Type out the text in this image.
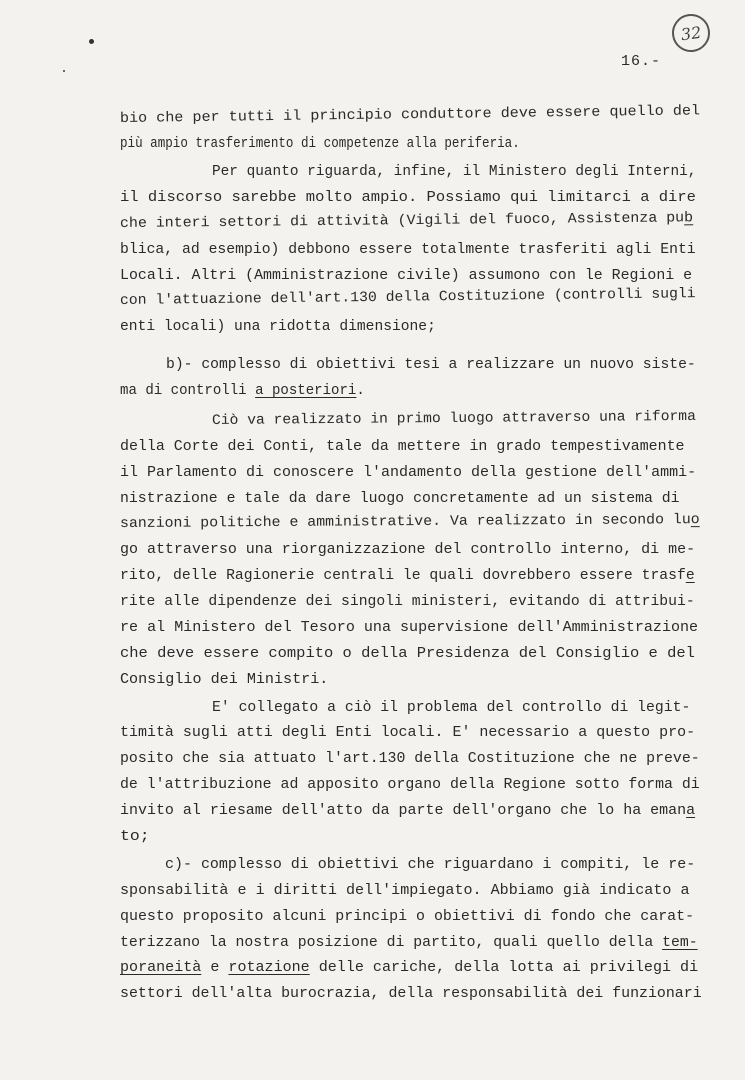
32
16.-
bio che per tutti il principio conduttore deve essere quello del
più ampio trasferimento di competenze alla periferia.
Per quanto riguarda, infine, il Ministero degli Interni,
il discorso sarebbe molto ampio. Possiamo qui limitarci a dire
che interi settori di attività (Vigili del fuoco, Assistenza pub
blica, ad esempio) debbono essere totalmente trasferiti agli Enti
Locali. Altri (Amministrazione civile) assumono con le Regioni e
con l'attuazione dell'art.130 della Costituzione (controlli sugli
enti locali) una ridotta dimensione;
b)- complesso di obiettivi tesi a realizzare un nuovo siste-
ma di controlli a posteriori.
Ciò va realizzato in primo luogo attraverso una riforma
della Corte dei Conti, tale da mettere in grado tempestivamente
il Parlamento di conoscere l'andamento della gestione dell'ammi-
nistrazione e tale da dare luogo concretamente ad un sistema di
sanzioni politiche e amministrative. Va realizzato in secondo luo
go attraverso una riorganizzazione del controllo interno, di me-
rito, delle Ragionerie centrali le quali dovrebbero essere trasfe
rite alle dipendenze dei singoli ministeri, evitando di attribui-
re al Ministero del Tesoro una supervisione dell'Amministrazione
che deve essere compito o della Presidenza del Consiglio e del
Consiglio dei Ministri.
E' collegato a ciò il problema del controllo di legit-
timità sugli atti degli Enti locali. E' necessario a questo pro-
posito che sia attuato l'art.130 della Costituzione che ne preve-
de l'attribuzione ad apposito organo della Regione sotto forma di
invito al riesame dell'atto da parte dell'organo che lo ha emana
to;
c)- complesso di obiettivi che riguardano i compiti, le re-
sponsabilità e i diritti dell'impiegato. Abbiamo già indicato a
questo proposito alcuni principi o obiettivi di fondo che carat-
terizzano la nostra posizione di partito, quali quello della tem-
poraneità e rotazione delle cariche, della lotta ai privilegi di
settori dell'alta burocrazia, della responsabilità dei funzionari
